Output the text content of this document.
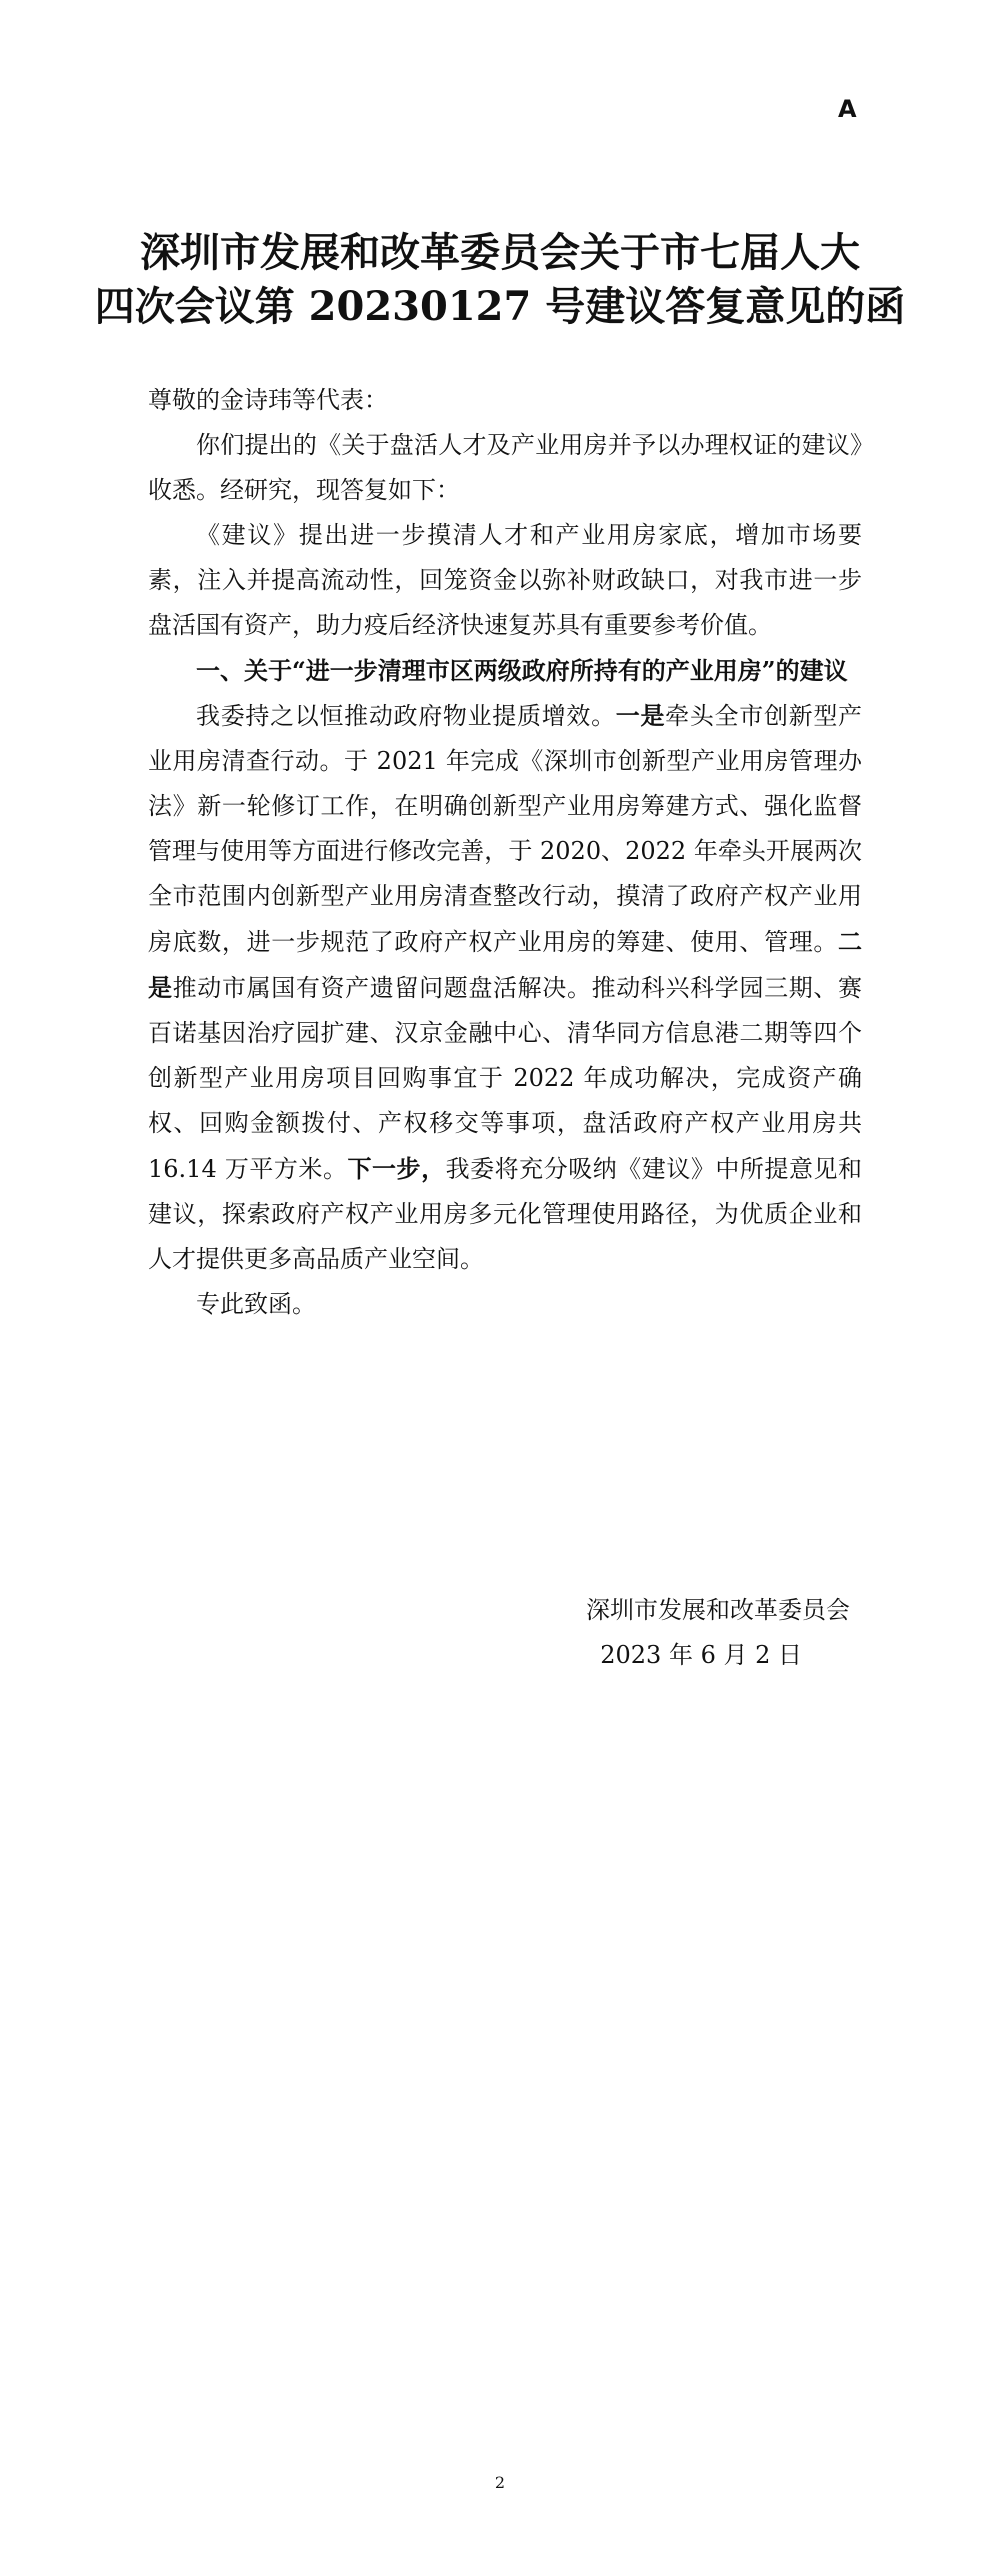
A
深圳市发展和改革委员会关于市七届人大
四次会议第 20230127 号建议答复意见的函

尊敬的金诗玮等代表：

你们提出的《关于盘活人才及产业用房并予以办理权证的建议》收悉。经研究，现答复如下：

《建议》提出进一步摸清人才和产业用房家底，增加市场要素，注入并提高流动性，回笼资金以弥补财政缺口，对我市进一步盘活国有资产，助力疫后经济快速复苏具有重要参考价值。

一、关于“进一步清理市区两级政府所持有的产业用房”的建议

我委持之以恒推动政府物业提质增效。一是牵头全市创新型产业用房清查行动。于 2021 年完成《深圳市创新型产业用房管理办法》新一轮修订工作，在明确创新型产业用房筹建方式、强化监督管理与使用等方面进行修改完善，于 2020、2022 年牵头开展两次全市范围内创新型产业用房清查整改行动，摸清了政府产权产业用房底数，进一步规范了政府产权产业用房的筹建、使用、管理。二是推动市属国有资产遗留问题盘活解决。推动科兴科学园三期、赛百诺基因治疗园扩建、汉京金融中心、清华同方信息港二期等四个创新型产业用房项目回购事宜于 2022 年成功解决，完成资产确权、回购金额拨付、产权移交等事项，盘活政府产权产业用房共 16.14 万平方米。下一步，我委将充分吸纳《建议》中所提意见和建议，探索政府产权产业用房多元化管理使用路径，为优质企业和人才提供更多高品质产业空间。

专此致函。

深圳市发展和改革委员会
2023 年 6 月 2 日
2
